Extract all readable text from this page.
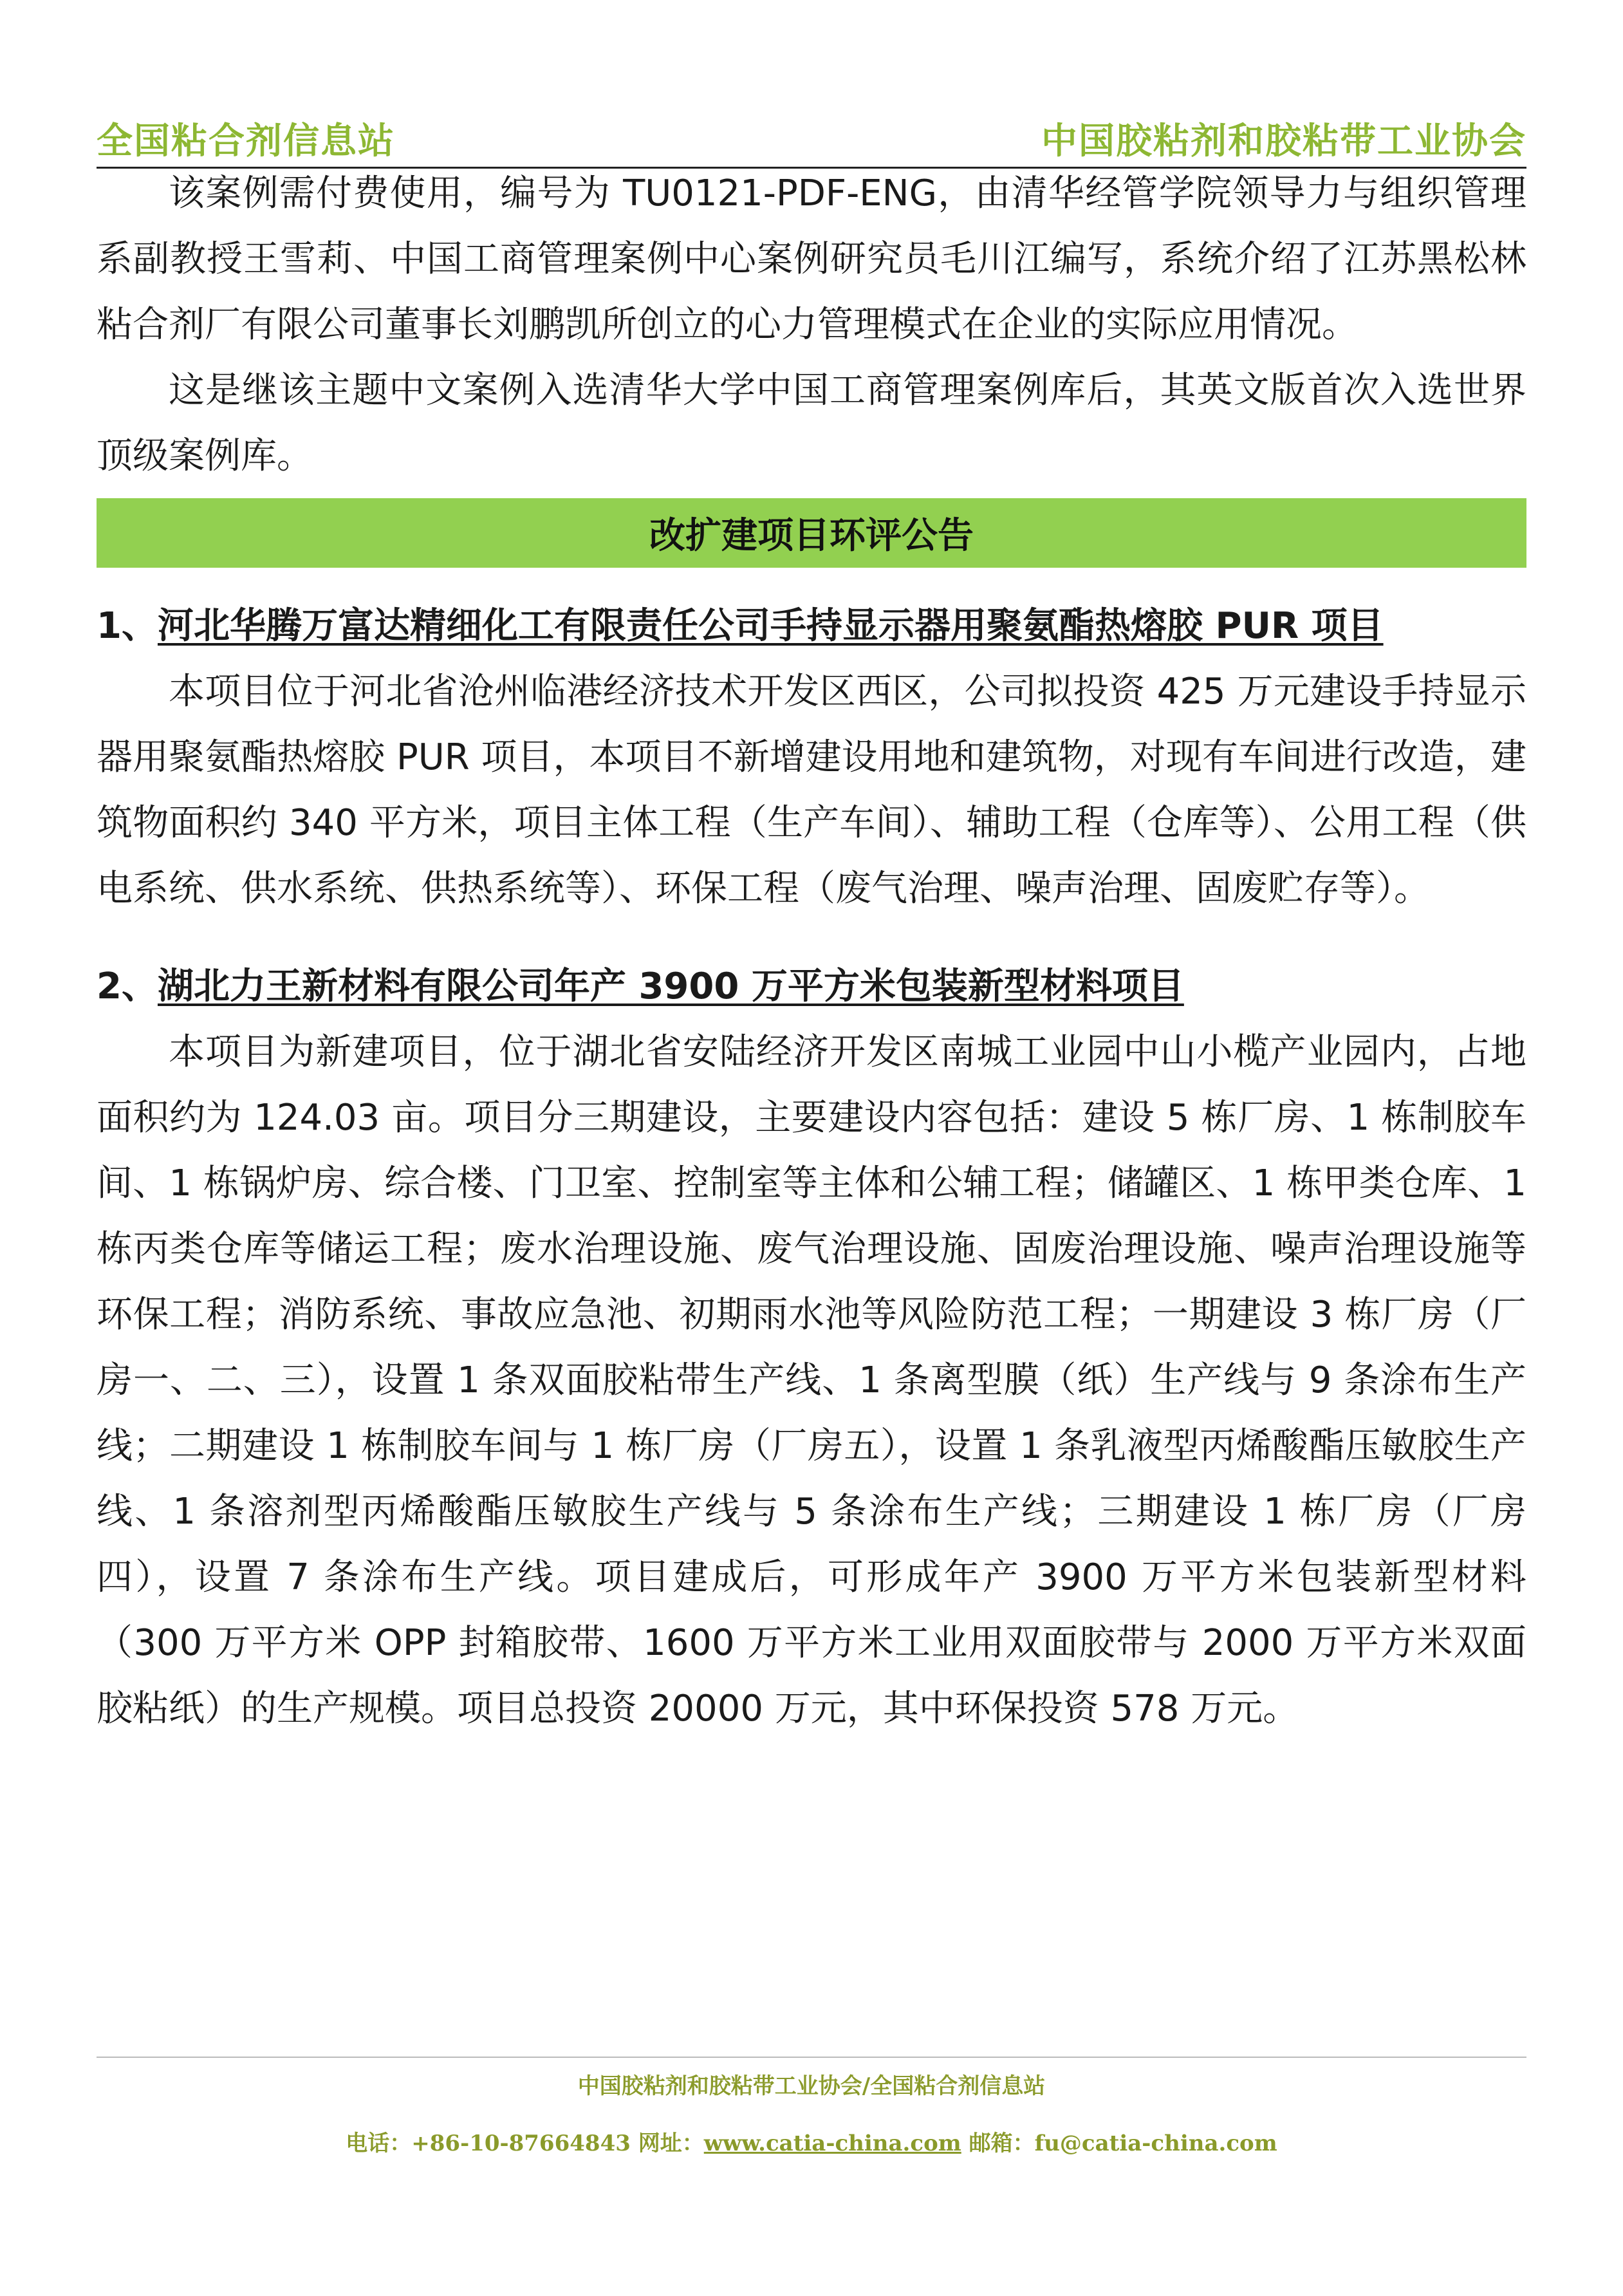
全国粘合剂信息站	中国胶粘剂和胶粘带工业协会

该案例需付费使用，编号为 TU0121-PDF-ENG，由清华经管学院领导力与组织管理系副教授王雪莉、中国工商管理案例中心案例研究员毛川江编写，系统介绍了江苏黑松林粘合剂厂有限公司董事长刘鹏凯所创立的心力管理模式在企业的实际应用情况。

这是继该主题中文案例入选清华大学中国工商管理案例库后，其英文版首次入选世界顶级案例库。

改扩建项目环评公告

1、河北华腾万富达精细化工有限责任公司手持显示器用聚氨酯热熔胶 PUR 项目

本项目位于河北省沧州临港经济技术开发区西区，公司拟投资 425 万元建设手持显示器用聚氨酯热熔胶 PUR 项目，本项目不新增建设用地和建筑物，对现有车间进行改造，建筑物面积约 340 平方米，项目主体工程（生产车间）、辅助工程（仓库等）、公用工程（供电系统、供水系统、供热系统等）、环保工程（废气治理、噪声治理、固废贮存等）。

2、湖北力王新材料有限公司年产 3900 万平方米包装新型材料项目

本项目为新建项目，位于湖北省安陆经济开发区南城工业园中山小榄产业园内，占地面积约为 124.03 亩。项目分三期建设，主要建设内容包括：建设 5 栋厂房、1 栋制胶车间、1 栋锅炉房、综合楼、门卫室、控制室等主体和公辅工程；储罐区、1 栋甲类仓库、1 栋丙类仓库等储运工程；废水治理设施、废气治理设施、固废治理设施、噪声治理设施等环保工程；消防系统、事故应急池、初期雨水池等风险防范工程；一期建设 3 栋厂房（厂房一、二、三），设置 1 条双面胶粘带生产线、1 条离型膜（纸）生产线与 9 条涂布生产线；二期建设 1 栋制胶车间与 1 栋厂房（厂房五），设置 1 条乳液型丙烯酸酯压敏胶生产线、1 条溶剂型丙烯酸酯压敏胶生产线与 5 条涂布生产线；三期建设 1 栋厂房（厂房四），设置 7 条涂布生产线。项目建成后，可形成年产 3900 万平方米包装新型材料（300 万平方米 OPP 封箱胶带、1600 万平方米工业用双面胶带与 2000 万平方米双面胶粘纸）的生产规模。项目总投资 20000 万元，其中环保投资 578 万元。

中国胶粘剂和胶粘带工业协会/全国粘合剂信息站
电话：+86-10-87664843 网址：www.catia-china.com 邮箱：fu@catia-china.com
